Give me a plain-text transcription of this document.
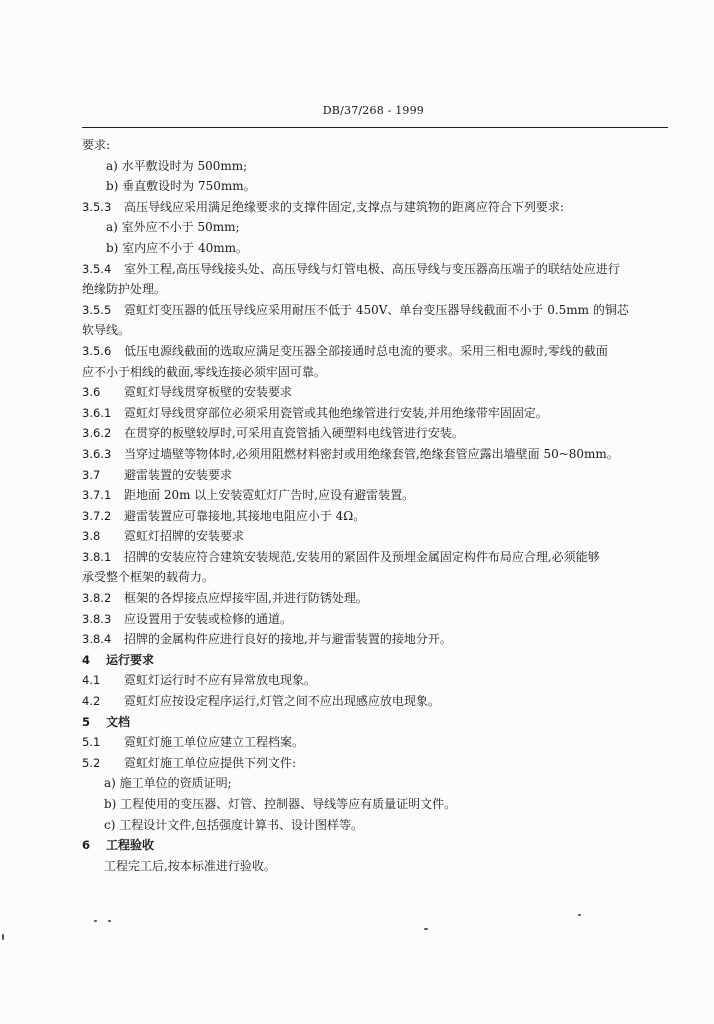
DB/37/268 - 1999
要求:
a) 水平敷设时为 500mm;
b) 垂直敷设时为 750mm。
3.5.3 高压导线应采用满足绝缘要求的支撑件固定,支撑点与建筑物的距离应符合下列要求:
a) 室外应不小于 50mm;
b) 室内应不小于 40mm。
3.5.4 室外工程,高压导线接头处、高压导线与灯管电极、高压导线与变压器高压端子的联结处应进行
绝缘防护处理。
3.5.5 霓虹灯变压器的低压导线应采用耐压不低于 450V、单台变压器导线截面不小于 0.5mm 的铜芯
软导线。
3.5.6 低压电源线截面的选取应满足变压器全部接通时总电流的要求。采用三相电源时,零线的截面
应不小于相线的截面,零线连接必须牢固可靠。
3.6 霓虹灯导线贯穿板壁的安装要求
3.6.1 霓虹灯导线贯穿部位必须采用瓷管或其他绝缘管进行安装,并用绝缘带牢固固定。
3.6.2 在贯穿的板壁较厚时,可采用直瓷管插入硬塑料电线管进行安装。
3.6.3 当穿过墙壁等物体时,必须用阻燃材料密封或用绝缘套管,绝缘套管应露出墙壁面 50~80mm。
3.7 避雷装置的安装要求
3.7.1 距地面 20m 以上安装霓虹灯广告时,应设有避雷装置。
3.7.2 避雷装置应可靠接地,其接地电阻应小于 4Ω。
3.8 霓虹灯招牌的安装要求
3.8.1 招牌的安装应符合建筑安装规范,安装用的紧固件及预埋金属固定构件布局应合理,必须能够
承受整个框架的载荷力。
3.8.2 框架的各焊接点应焊接牢固,并进行防锈处理。
3.8.3 应设置用于安装或检修的通道。
3.8.4 招牌的金属构件应进行良好的接地,并与避雷装置的接地分开。
4 运行要求
4.1 霓虹灯运行时不应有异常放电现象。
4.2 霓虹灯应按设定程序运行,灯管之间不应出现感应放电现象。
5 文档
5.1 霓虹灯施工单位应建立工程档案。
5.2 霓虹灯施工单位应提供下列文件:
a) 施工单位的资质证明;
b) 工程使用的变压器、灯管、控制器、导线等应有质量证明文件。
c) 工程设计文件,包括强度计算书、设计图样等。
6 工程验收
工程完工后,按本标准进行验收。
